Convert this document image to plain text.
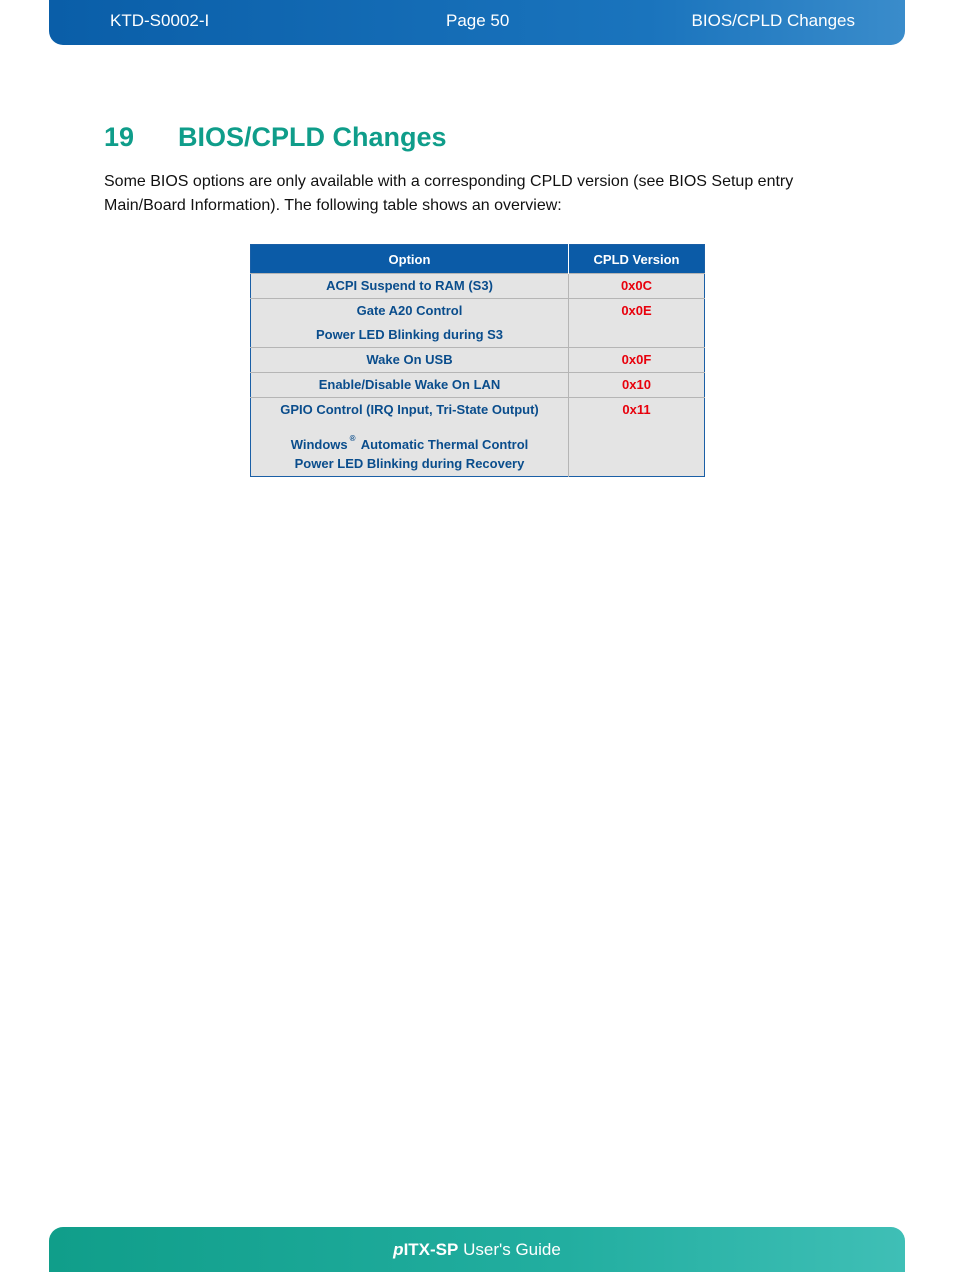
KTD-S0002-I	Page 50	BIOS/CPLD Changes
19	BIOS/CPLD Changes

Some BIOS options are only available with a corresponding CPLD version (see BIOS Setup entry Main/Board Information). The following table shows an overview:

Option	CPLD Version

ACPI Suspend to RAM (S3)	0x0C

Gate A20 Control
Power LED Blinking during S3	0x0E

Wake On USB	0x0F

Enable/Disable Wake On LAN	0x10

GPIO Control (IRQ Input, Tri-State Output)
Windows ® Automatic Thermal Control
Power LED Blinking during Recovery	0x11
pITX-SP User's Guide
